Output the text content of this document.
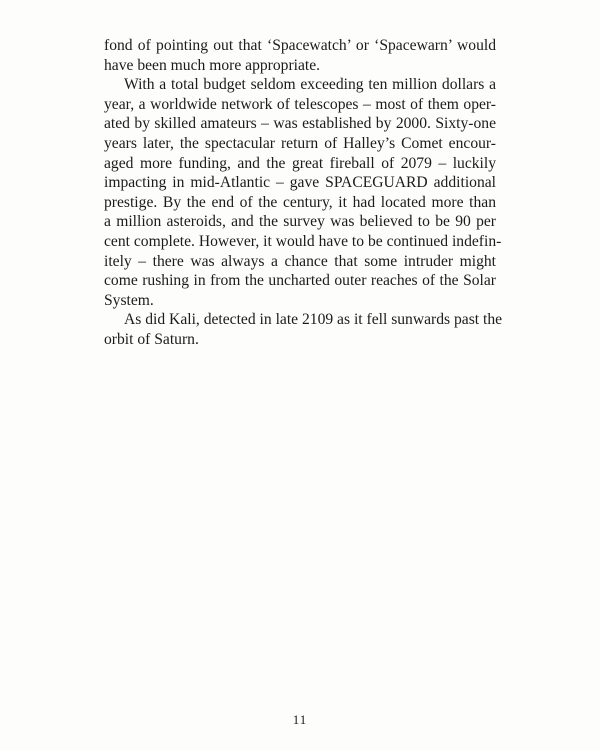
fond of pointing out that ‘Spacewatch’ or ‘Spacewarn’ would
have been much more appropriate.
With a total budget seldom exceeding ten million dollars a
year, a worldwide network of telescopes – most of them oper-
ated by skilled amateurs – was established by 2000. Sixty-one
years later, the spectacular return of Halley’s Comet encour-
aged more funding, and the great fireball of 2079 – luckily
impacting in mid-Atlantic – gave SPACEGUARD additional
prestige. By the end of the century, it had located more than
a million asteroids, and the survey was believed to be 90 per
cent complete. However, it would have to be continued indefin-
itely – there was always a chance that some intruder might
come rushing in from the uncharted outer reaches of the Solar
System.
As did Kali, detected in late 2109 as it fell sunwards past the
orbit of Saturn.
11
